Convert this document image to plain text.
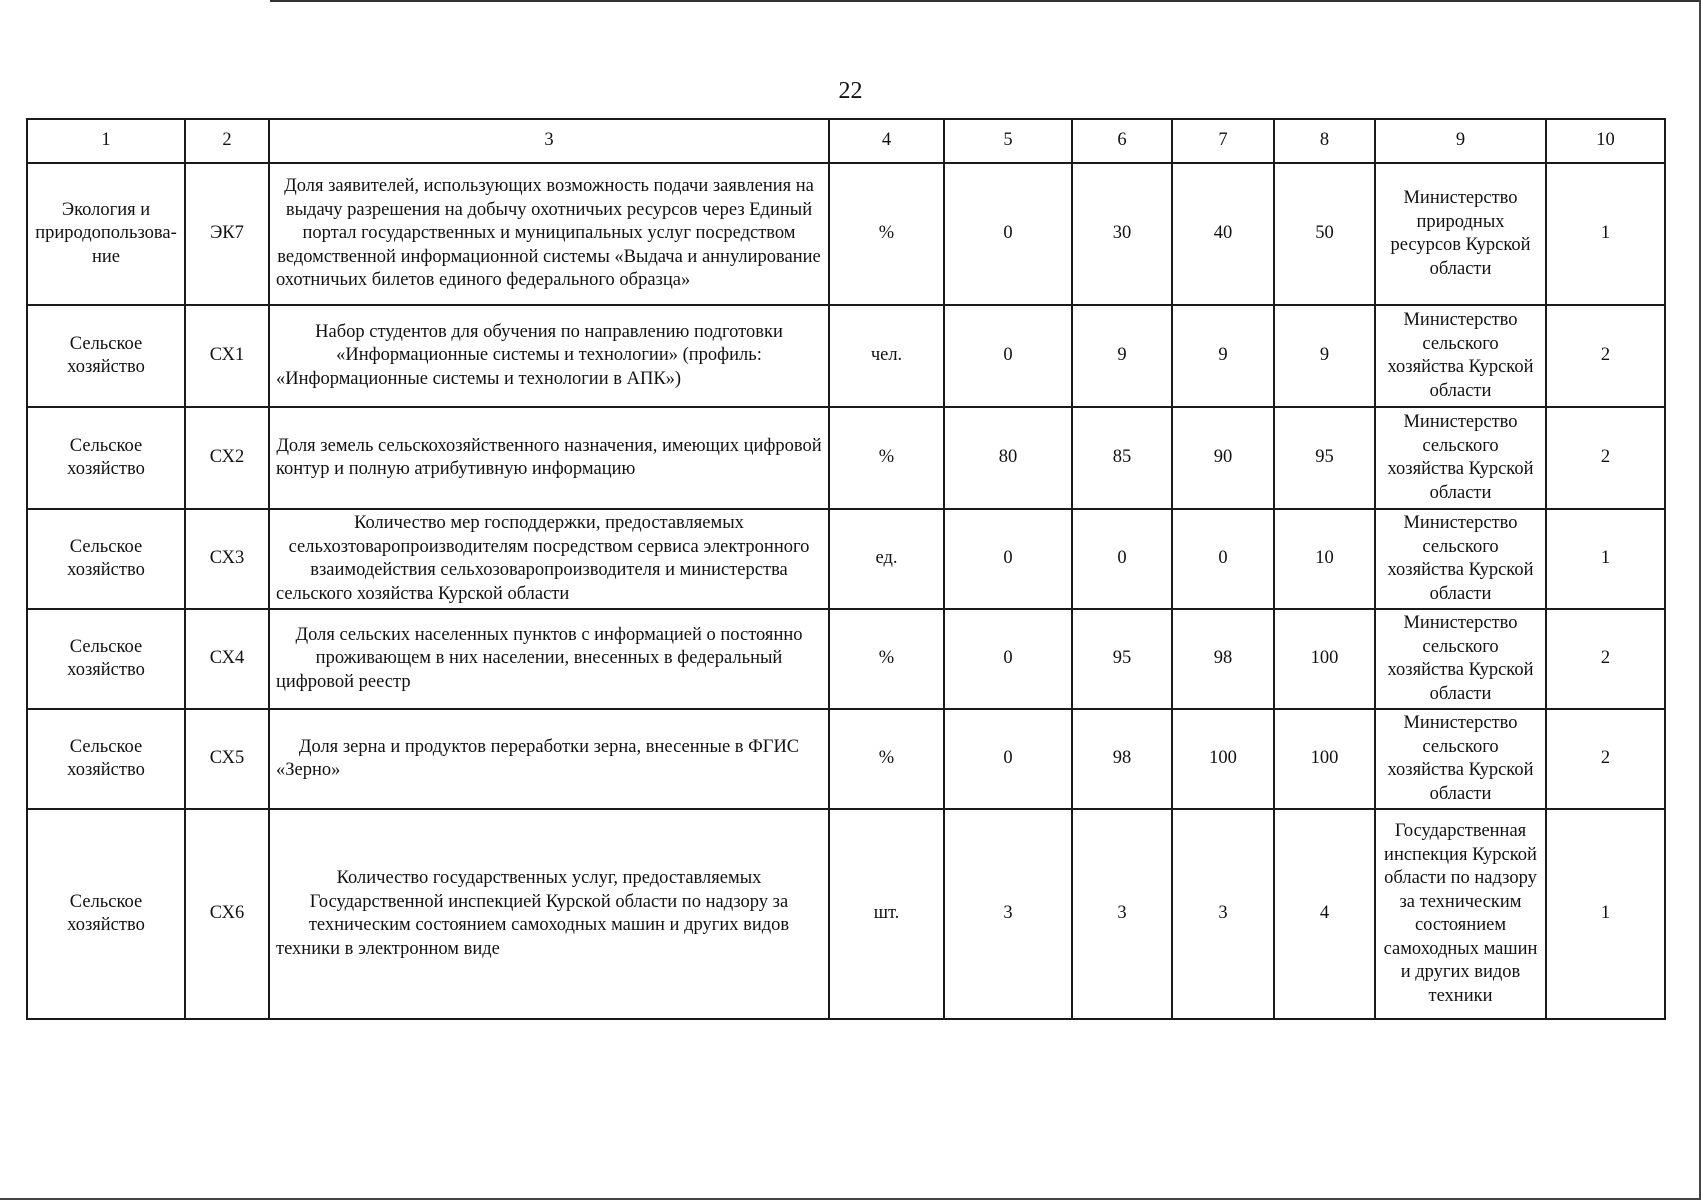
22
1	2	3	4	5	6	7	8	9	10
Экология и природопользова-ние	ЭК7	Доля заявителей, использующих возможность подачи заявления на выдачу разрешения на добычу охотничьих ресурсов через Единый портал государственных и муниципальных услуг посредством ведомственной информационной системы «Выдача и аннулирование охотничьих билетов единого федерального образца»	%	0	30	40	50	Министерство природных ресурсов Курской области	1
Сельское хозяйство	СХ1	Набор студентов для обучения по направлению подготовки «Информационные системы и технологии» (профиль: «Информационные системы и технологии в АПК»)	чел.	0	9	9	9	Министерство сельского хозяйства Курской области	2
Сельское хозяйство	СХ2	Доля земель сельскохозяйственного назначения, имеющих цифровой контур и полную атрибутивную информацию	%	80	85	90	95	Министерство сельского хозяйства Курской области	2
Сельское хозяйство	СХ3	Количество мер господдержки, предоставляемых сельхозтоваропроизводителям посредством сервиса электронного взаимодействия сельхозоваропроизводителя и министерства сельского хозяйства Курской области	ед.	0	0	0	10	Министерство сельского хозяйства Курской области	1
Сельское хозяйство	СХ4	Доля сельских населенных пунктов с информацией о постоянно проживающем в них населении, внесенных в федеральный цифровой реестр	%	0	95	98	100	Министерство сельского хозяйства Курской области	2
Сельское хозяйство	СХ5	Доля зерна и продуктов переработки зерна, внесенные в ФГИС «Зерно»	%	0	98	100	100	Министерство сельского хозяйства Курской области	2
Сельское хозяйство	СХ6	Количество государственных услуг, предоставляемых Государственной инспекцией Курской области по надзору за техническим состоянием самоходных машин и других видов техники в электронном виде	шт.	3	3	3	4	Государственная инспекция Курской области по надзору за техническим состоянием самоходных машин и других видов техники	1
